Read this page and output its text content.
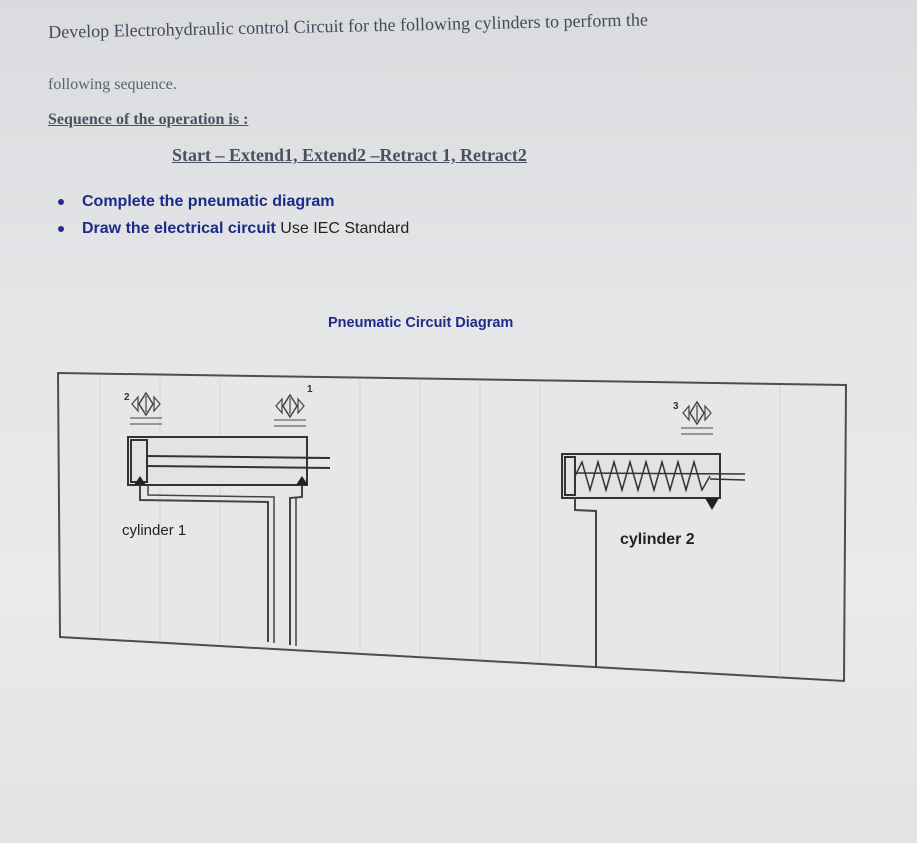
Develop Electrohydraulic control Circuit for the following cylinders to perform the
following sequence.
Sequence of the operation is :
Start – Extend1, Extend2 –Retract 1, Retract2
Complete the pneumatic diagram
Draw the electrical circuit Use IEC Standard
Pneumatic Circuit Diagram
2
1
3
cylinder 1
cylinder 2
